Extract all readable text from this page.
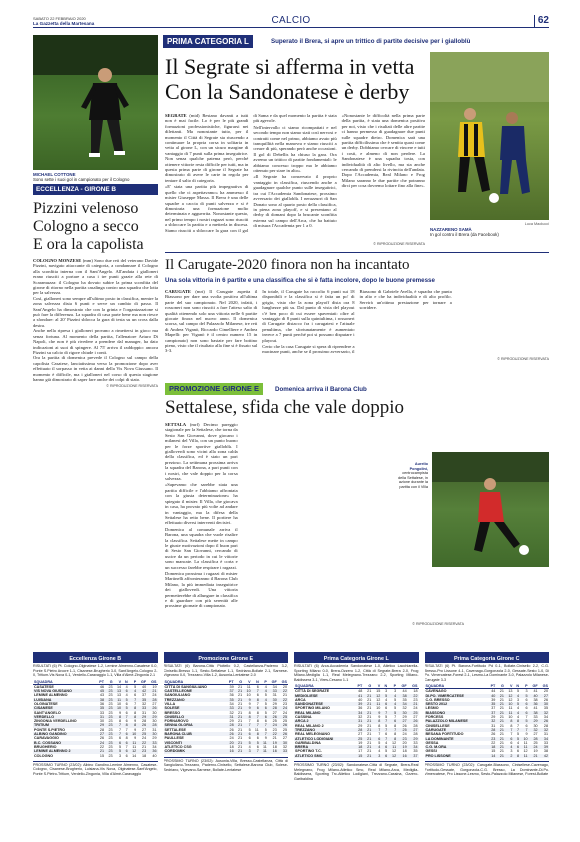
SABATO 22 FEBBRAIO 2020
La Gazzetta della Martesana	CALCIO	62
PRIMA CATEGORIA L	Superato il Brera, si apre un trittico di partite decisive per i gialloblù
MICHAEL COTTONE
Sono sette i suoi gol in campionato per il Cologno
Il Segrate si afferma in vetta
Con la Sandonatese è derby
Luca Maolucci
NAZZARENO SAMÀ
In gol contro il Brera (da Facebook)

SEGRATE (mtd) Restano davanti a tutti non è mai facile. Lo è per le più grandi formazioni professionistiche, figurarsi nei dilettanti. Ma nonostante tutto, per il momento il Città di Segrate sta riuscendo a continuare la propria corsa in solitaria in vetta al girone L, con un sicuro margine di vantaggio di 7 punti sulla prima inseguitrice. Non senza qualche patema però, perché ottenere vittorie resta difficile per tutti, ma in questa prima parte di girone il Segrate ha dimostrato di avere le carte in regola per tentare il salto di categoria.

«E' stata una partita più impegnativa di quello che ci aspettavamo» ha ammesso il mister Giuseppe Massa. Il Brera è una delle squadre a caccia di punti salvezza e si è dimostrata una formazione molto determinata e agguerrita. Nonostante questo, nel primo tempo i nostri ragazzi sono riusciti a sbloccare la partita e a metterla in discesa. Siamo riusciti a sbloccare la gara con il gol di Sama e da quel momento la partita è stata più agevole.

Nell'intervallo ci siamo ricompattati e nel secondo tempo non siamo stati così nervosi e contratti come nel primo, abbiamo avuto più tranquillità nella manovra e siamo riusciti a creare di più, sperando però anche occasioni. Il gol di Debellis ha chiuso la gara. Ora avremo un trittico di partite fondamentali: le abbiamo concesso troppo ma le abbiamo ottenuto per stare in alto».

«Il Segrate ha conservato il proprio vantaggio in classifica, riuscendo anche a guadagnare qualche punto sulle inseguitrici, tra cui l'Accademia Sandonatese, prossimo avversario dei gialloblù. I nerazzurri di San Donato sono al quarto posto della classifica, in piena zona playoff, e si presentano al derby di domani dopo la brucante sconfitta esterna sul campo dell'Arca, che ha battuto di misura l'Accademia per 1 a 0.

«Nonostante le difficoltà nella prima parte della partita, è stata una domenica positiva per noi, visto che i risultati delle altre partite ci hanno permesso di guadagnare due punti sulle squadre dietro. Domenica sarà una partita difficilissima che è sentita quasi come un derby. Dobbiamo cercare di vincere e tutti i costi, e almeno di non perdere. La Sandonatese è una squadra tosta, con individualità di alto livello, ma sta anche cercando di prendersi la rivincita dell'andata. Dopo l'Accademia, Real Milano e Frog Milano saranno le due partite che potranno dirci per cosa dovremo lottare fino alla fine».

© RIPRODUZIONE RISERVATA
ECCELLENZA - GIRONE B
Pizzini velenoso
Cologno a secco
E ora la capolista

COLOGNO MONZESE (mm) Sono due reti del veterano Davide Pizzini, navigato attaccante di categoria, a condannare il Cologno alla sconfitta interna con il Sant'Angelo. All'andata i gialloneri erano riusciti a portare a casa i tre punti grazie alla rete di Scaramuzza: il Cologno ha dovuto subire la prima sconfitta del girone di ritorno nella partita casalinga contro una squadra che lotta per la salvezza.

Così, gialloneri sono sempre all'ultimo posto in classifica, mentre la zona salvezza dista 6 punti e serve un cambio di passo. Il Sant'Angelo ha dimostrato che con la grinta e l'organizzazione si può fare la differenza. La squadra di casa parte bene ma non riesce a sfondare: al 20' Pizzini sblocca la gara di testa su un cross dalla destra.

Anche nella ripresa i gialloneri provano a rimettersi in gioco ma senza fortuna. Al momento della partita, l'allenatore Arturo Di Napoli, che non è più rivedere a prendere dal manager, ha dato indicazioni ai suoi di spingere. Al 75' arriva il raddoppio: ancora Pizzini su calcio di rigore chiude i conti.

Ora la partita di domenica prevede il Cologno sul campo della capolista Casatese, lanciatissima verso la promozione dopo aver effettuato il sorpasso in vetta ai danni della Vis Nova Giussano. Il momento è difficile, ma i gialloneri nel corso di questa stagione hanno già dimostrato di saper fare anche dei colpi di stato.

© RIPRODUZIONE RISERVATA
Il Carugate-2020 finora non ha incantato
Una sola vittoria in 6 partite e una classifica che si è fatta incolore, dopo le buone premesse

CARUGATE (mrt) Il Carugate aspetta il Biassono per dare una svolta positiva all'ultima parte del suo campionato. Nel 2020, infatti, i rossoneri non sono riusciti a fare l'atteso salto di qualità ottenendo solo una vittoria nelle 6 partite giocate finora nel nuovo anno. Il domenica scorsa, sul campo del Palazzolo Milanese, tre reti di Andrea Viganò, Riccardo Cimelliere e Andrea Mapelli: per Viganò è il centro numero 15 in campionato) non sono bastate per fare bottino pieno, visto che il risultato alla fine si è fissato sul 3-3.

In totale, il Carugate ha raccolto 6 punti sui 18 disponibili e la classifica si è fatta un po' di grigio, visto che la zona playoff dista ora 8 lunghezze più su. Dal punto di vista del playout c'è ben poco di cui essere spaventati: oltre al vantaggio di 8 punti sulla quintultima, i rossoneri di Carugate distacco fra i carugatesi e l'attuale penultima, che sfortunatamente è aumentato invece a 7 punti perché poi si possano disputare i playout.

Certo che la casa Carugate si spera di riprendere a macinare punti, anche se il prossimo avversario, il Biassono di Gabriele Avella, è squadra che punta in alto e che ha individualità e di alto profilo. Servirà un'ottima prestazione per tornare a sorridere.

© RIPRODUZIONE RISERVATA
PROMOZIONE GIRONE E	Domenica arriva il Barona Club
Settalese, sfida che vale doppio

SETTALA (mrf) Decimo pareggio stagionale per la Settalese, che torna da Sesto San Giovanni, dove giocano i milanesi del Villa, con un punto buono per le forze sportive gialloblù. I gialloverdi sono vicini alla zona calda della classifica, ed è stato un pari prezioso. La settimana prossima arriva la squadra del Barona, a pari punti con i nostri, che vale doppio per la corsa salvezza.

«Sapevamo che sarebbe stata una partita difficile e l'abbiamo affrontata con la giusta determinazione» ha spiegato il mister. Il Villa, che giocava in casa, ha provato più volte ad andare in vantaggio, ma la difesa della Settalese ha retto bene. Il portiere ha effettuato diversi interventi decisivi.

Domenica al comunale arriva il Barona, una squadra che vuole risalire la classifica. Settalese mette in campo le giuste motivazioni dopo il buon pari di Sesto San Giovanni, cercando di uscire da un periodo in cui le vittorie sono mancate. La classifica è corta e un successo farebbe respirare i ragazzi.

Domenica prossima i ragazzi di mister Martinelli affronteranno il Barona Club Milano, la più immediata inseguitrice dei gialloverdi. Una vittoria permetterebbe di allungare in classifica e di guardare con più serenità alle prossime giornate di campionato.

© RIPRODUZIONE RISERVATA
Aurelio Pongolini,
centrocampista della Settalese, in azione durante la partita con il Villa
Eccellenza Girone B
RISULTATI (6) Pt. Cologno-Olginatese 1-2, Lemine Almenno-Casatese 0-0, Ponte S.Pietro Arcore 1-1, Cisanese-Brugherio 3-0, Sant'Angelo-Cologno 2-0, Tritium-Vis Nova 0-1, Verdello-Caravaggio 1-1, Villa d'Almè-Zingonia 2-1
SQUADRA	PT	G	V	N	P	GF	GS
CASATESE	46	23	14	4	5	40	19
VIS NOVA GIUSSANO	45	23	13	6	4	42	21
LEMINE ALMENNO	43	23	13	4	6	37	24
LUISIANA	38	23	11	5	7	35	28
OLGINATESE	36	23	10	6	7	32	27
CISANESE	35	23	10	5	8	33	26
SANT'ANGELO	33	23	9	6	8	31	30
VERDELLO	31	23	8	7	8	29	29
ZINGONIA VERDELLINO	30	23	8	6	9	28	30
TRITIUM	29	23	7	8	8	26	28
PONTE S.PIETRO	28	23	7	7	9	27	31
ALBINO GANDINO	27	23	7	6	10	25	30
CARAVAGGIO	26	23	6	8	9	24	29
B.C. COSSANO	24	23	6	6	11	22	33
BRUGHERIO	22	23	5	7	11	21	34
LEMINE ALMENNO 2	21	23	5	6	12	23	36
COLOGNO	15	23	3	6	14	18	40
PROSSIMO TURNO (23/02): Albino Gandino-Lemine Almenno, Casatese-Cologno, Cisanese-Brugherio, Luisiana-Vis Nova, Olginatese-Sant'Angelo, Ponte S.Pietro-Tritium, Verdello-Zingonia, Villa d'Almè-Caravaggio
Promozione Girone E
RISULTATI (6) Barona-Città Pioltello 0-2, Castellanza-Paderno 3-2, Cinisello-Bresso 1-1, Sesto-Settalese 1-1, Sedriano-Bollate 2-1, Sarnese-Vigevano 0-0, Trezzano-Villa 1-2, Ausonia-Lentatese 2-0
SQUADRA	PT	G	V	N	P	GF	GS
CITTÀ DI SANGIULIANO	39	21	11	6	4	34	20
CASTELLEONE	37	21	10	7	4	33	22
SANGIULIANO	36	21	10	6	5	31	21
TREZZANO	35	21	9	8	4	30	22
VILLA	34	21	9	7	5	29	23
SOLESE	33	21	9	6	6	28	24
BRESSO	32	21	8	8	5	27	24
CINISELLO	31	21	8	7	6	26	25
FORNAROVO	29	21	7	8	6	25	25
SENNA GLORIA	28	21	7	7	7	24	26
SETTALESE	26	21	5	11	5	23	25
BARONA CLUB	26	21	6	8	7	22	26
PAULLESE	24	21	6	6	9	21	27
VISCONTI	20	21	5	5	11	19	30
ATLETICO CSG	18	21	4	6	11	18	32
CORDOMIK	16	21	3	7	11	16	33
PROSSIMO TURNO (23/02): Ausonia-Villa, Bresso-Castellanza, Città di Sangiuliano-Trezzano, Paderno-Cinisello, Settalese-Barona Club, Solese-Sedriano, Vigevano-Sarnese, Bollate-Lentatese
Prima Categoria Girone L
RISULTATI (6) Arca-Accademia Sandonatese 1-0, Atletico Lacchiarella-Sporting Milano 0-0, Brera-Ozzero 1-2, Città di Segrate-Brera 2-0, Frog Milano-Mediglia 1-1, Real Melegnano-Trezzano 2-2, Sporting Milano-Baldissera 3-1, Vires-Cesano 1-1
SQUADRA	PT	G	V	N	P	GF	GS
CITTÀ DI SEGRATE	48	21	15	3	3	44	18
MEDIGLIESE	41	21	12	5	4	38	22
ARCA	40	21	12	4	5	35	23
SANDONATESE	39	21	11	6	4	34	21
SPORTING MILANO	36	21	10	6	5	32	24
REAL MILANO	34	21	9	7	5	30	25
CASSINA	32	21	9	5	7	29	27
ARCA 2	31	21	8	7	6	27	26
REAL MILANO 2	29	21	8	5	8	26	28
TREZZANO	28	21	7	7	7	25	27
REAL MELEGNANO	27	21	7	6	8	24	28
ATLETICO LODIGIANI	25	21	6	7	8	23	29
GARIBALDINA	19	21	5	4	12	20	33
BRERA	18	21	4	6	11	19	34
SPORTING T.C.	17	21	4	5	12	18	35
ATLETICO SMC	15	21	3	6	12	16	37
PROSSIMO TURNO (23/02): Sandonatese-Città di Segrate, Brera-Real Melegnano, Frog Milano-Atletico Smc, Real Milano-Arca, Mediglia-Baldissera, Sporting Trc-Atletico Lodigiani, Trezzano-Cassina, Ozzero-Garibaldina
Prima Categoria Girone C
RISULTATI (6) Pt. Barona-Fortitudo Pd 0-1, Bollate-Cinisello 2-2, C.G. Bresso-Pro Lissone 4-1, Cavenago-Gorgonzola 2-0, Gessate-Sesto 1-0, Di Po. Vimercatese-Forest 2-1, Lesmo-La Dominante 3-0, Palazzolo Milanese-Carugate 3-3
SQUADRA	PT	G	V	N	P	GF	GS
CAVENAGO	44	21	13	5	3	41	20
DI.PO. VIMERCATESE	40	21	12	4	5	40	27
C.G. BRESSO	39	21	12	3	6	38	26
SESTO 2012	35	21	10	5	6	36	30
LESMO	37	21	11	4	6	41	35
BIASSONO	37	21	11	4	6	38	32
FORCESS	29	21	10	4	7	33	34
PALAZZOLO MILANESE	32	21	8	8	5	29	26
CINISELLESE	31	21	8	7	6	30	28
CARUGATE	28	21	7	7	7	32	32
BESANA FORTITUDO	26	21	7	5	9	27	31
LA DOMINANTE	23	21	6	5	10	28	34
GESSA	22	21	6	4	11	25	33
C.G. M.ORA	18	21	4	6	11	24	39
GESSI	15	21	3	6	12	19	38
PRO LISSONE	14	21	2	8	11	21	42
PROSSIMO TURNO (23/02): Carugate-Biassono, Cinisellese-Cavenago, Fortitudo-Gessate, Gorgonzola-C.G. Bresso, La Dominante-Di.Po. Vimercatese, Pro Lissone-Lesmo, Sesto-Palazzolo Milanese, Forest-Bollate
